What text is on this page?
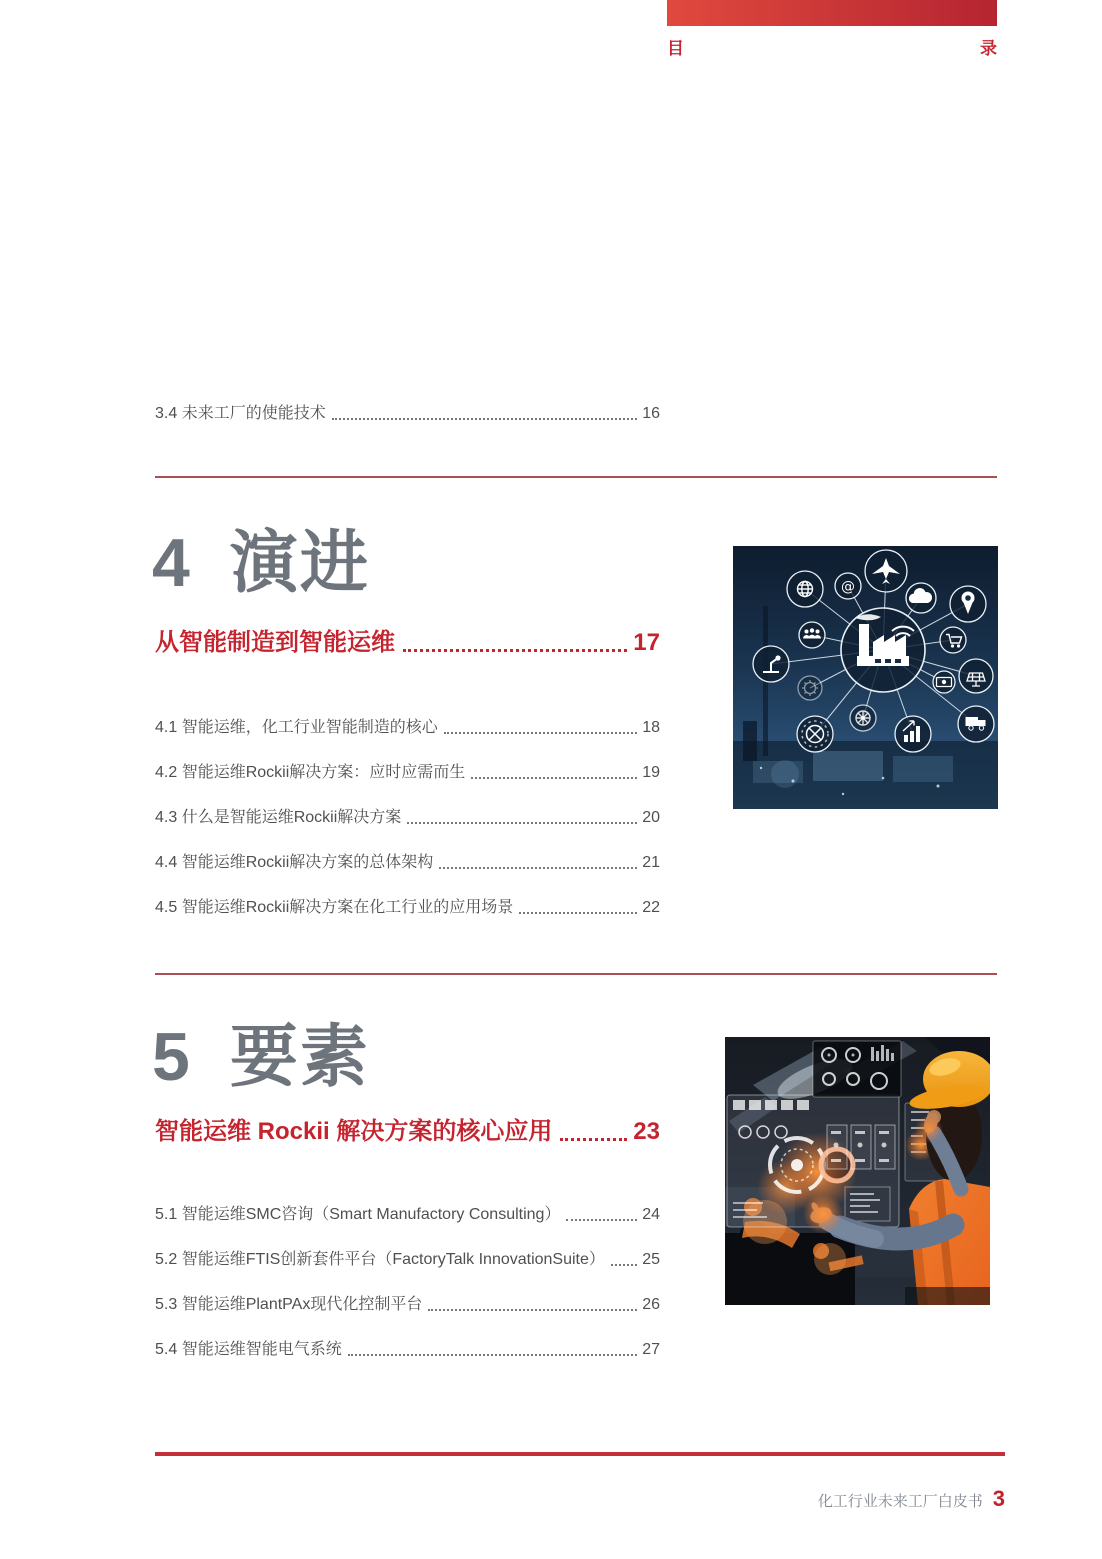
目	录
3.4 未来工厂的使能技术	16
4 演进
从智能制造到智能运维	17
4.1 智能运维，化工行业智能制造的核心	18
4.2 智能运维Rockii解决方案：应时应需而生	19
4.3 什么是智能运维Rockii解决方案	20
4.4 智能运维Rockii解决方案的总体架构	21
4.5 智能运维Rockii解决方案在化工行业的应用场景	22
@
5 要素
智能运维 Rockii 解决方案的核心应用	23
5.1 智能运维SMC咨询（Smart Manufactory Consulting）	24
5.2 智能运维FTIS创新套件平台（FactoryTalk InnovationSuite） 25
5.3 智能运维PlantPAx现代化控制平台	26
5.4 智能运维智能电气系统	27
化工行业未来工厂白皮书 3
